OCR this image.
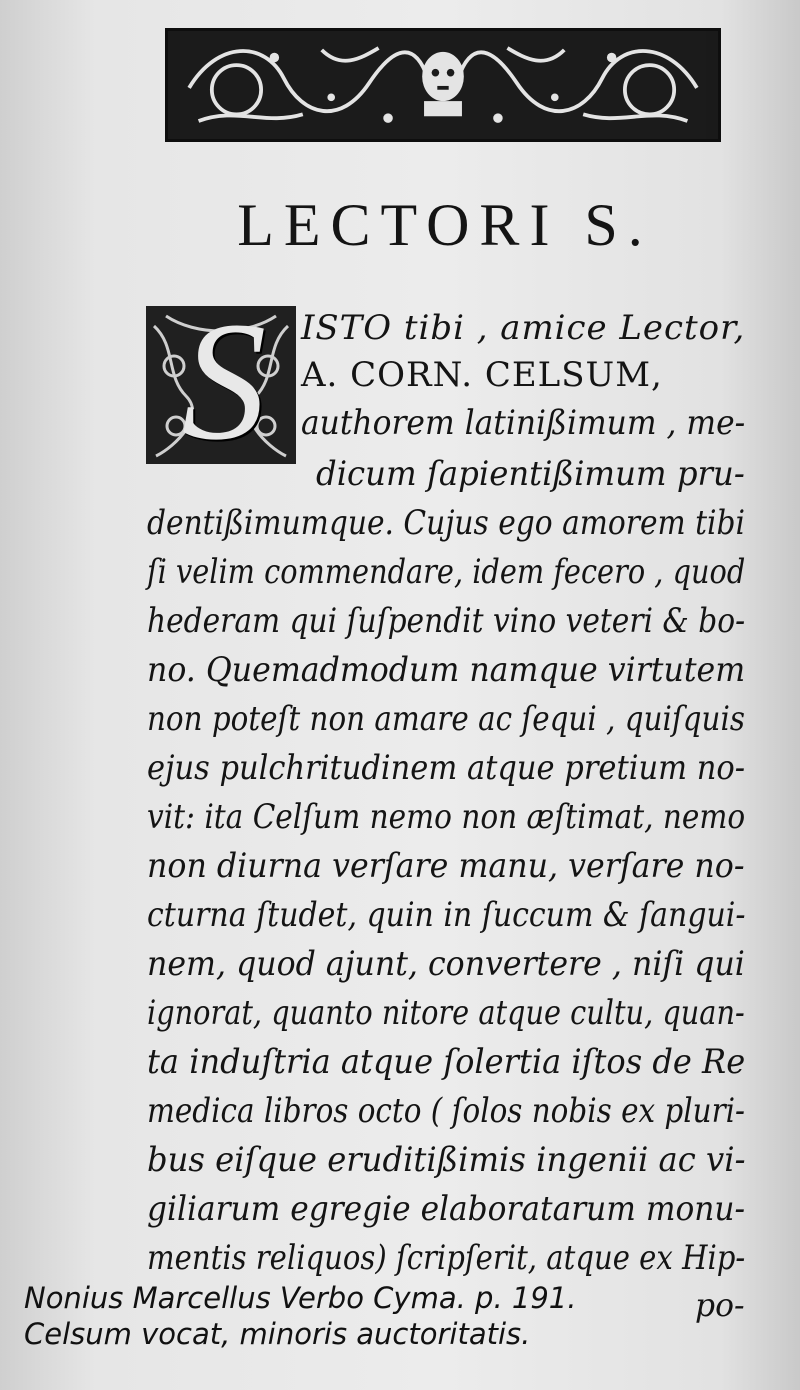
LECTORI S.
S	ISTO tibi , amice Lector,
A. CORN. CELSUM,
authorem latinißimum , me-
dicum ſapientißimum pru-
dentißimumque. Cujus ego amorem tibi
ſi velim commendare, idem fecero , quod
hederam qui ſuſpendit vino veteri & bo-
no. Quemadmodum namque virtutem
non poteſt non amare ac ſequi , quiſquis
ejus pulchritudinem atque pretium no-
vit: ita Celſum nemo non æſtimat, nemo
non diurna verſare manu, verſare no-
cturna ſtudet, quin in ſuccum & ſangui-
nem, quod ajunt, convertere , niſi qui
ignorat, quanto nitore atque cultu, quan-
ta induſtria atque ſolertia iſtos de Re
medica libros octo ( ſolos nobis ex pluri-
bus eiſque eruditißimis ingenii ac vi-
giliarum egregie elaboratarum monu-
mentis reliquos) ſcripſerit, atque ex Hip-
po-
Nonius Marcellus Verbo Cyma. p. 191.
Celsum vocat, minoris auctoritatis.
